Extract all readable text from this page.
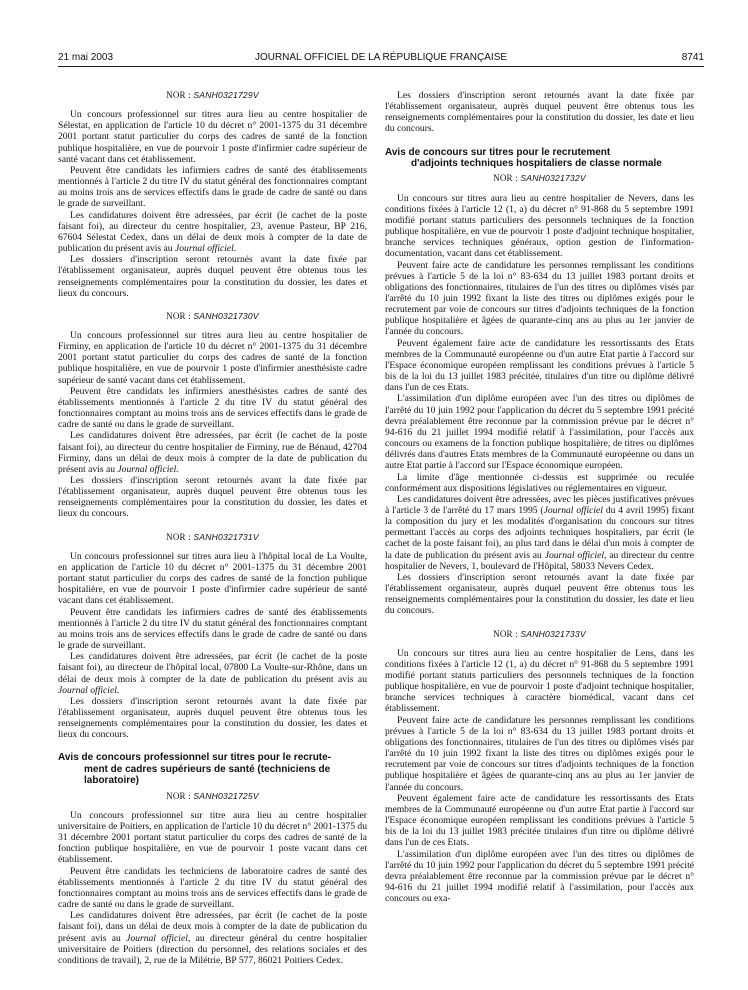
21 mai 2003	JOURNAL OFFICIEL DE LA RÉPUBLIQUE FRANÇAISE	8741
NOR : SANH0321729V

Un concours professionnel sur titres aura lieu au centre hospitalier de Sélestat, en application de l'article 10 du décret n° 2001-1375 du 31 décembre 2001 portant statut particulier du corps des cadres de santé de la fonction publique hospitalière, en vue de pourvoir 1 poste d'infirmier cadre supérieur de santé vacant dans cet établissement.

Peuvent être candidats les infirmiers cadres de santé des établissements mentionnés à l'article 2 du titre IV du statut général des fonctionnaires comptant au moins trois ans de services effectifs dans le grade de cadre de santé ou dans le grade de surveillant.

Les candidatures doivent être adressées, par écrit (le cachet de la poste faisant foi), au directeur du centre hospitalier, 23, avenue Pasteur, BP 216, 67604 Sélestat Cedex, dans un délai de deux mois à compter de la date de publication du présent avis au Journal officiel.

Les dossiers d'inscription seront retournés avant la date fixée par l'établissement organisateur, auprès duquel peuvent être obtenus tous les renseignements complémentaires pour la constitution du dossier, les dates et lieux du concours.

NOR : SANH0321730V

Un concours professionnel sur titres aura lieu au centre hospitalier de Firminy, en application de l'article 10 du décret n° 2001-1375 du 31 décembre 2001 portant statut particulier du corps des cadres de santé de la fonction publique hospitalière, en vue de pourvoir 1 poste d'infirmier anesthésiste cadre supérieur de santé vacant dans cet établissement.

Peuvent être candidats les infirmiers anesthésistes cadres de santé des établissements mentionnés à l'article 2 du titre IV du statut général des fonctionnaires comptant au moins trois ans de services effectifs dans le grade de cadre de santé ou dans le grade de surveillant.

Les candidatures doivent être adressées, par écrit (le cachet de la poste faisant foi), au directeur du centre hospitalier de Firminy, rue de Bénaud, 42704 Firminy, dans un délai de deux mois à compter de la date de publication du présent avis au Journal officiel.

Les dossiers d'inscription seront retournés avant la date fixée par l'établissement organisateur, auprès duquel peuvent être obtenus tous les renseignements complémentaires pour la constitution du dossier, les dates et lieux du concours.

NOR : SANH0321731V

Un concours professionnel sur titres aura lieu à l'hôpital local de La Voulte, en application de l'article 10 du décret n° 2001-1375 du 31 décembre 2001 portant statut particulier du corps des cadres de santé de la fonction publique hospitalière, en vue de pourvoir 1 poste d'infirmier cadre supérieur de santé vacant dans cet établissement.

Peuvent être candidats les infirmiers cadres de santé des établissements mentionnés à l'article 2 du titre IV du statut général des fonctionnaires comptant au moins trois ans de services effectifs dans le grade de cadre de santé ou dans le grade de surveillant.

Les candidatures doivent être adressées, par écrit (le cachet de la poste faisant foi), au directeur de l'hôpital local, 07800 La Voulte-sur-Rhône, dans un délai de deux mois à compter de la date de publication du présent avis au Journal officiel.

Les dossiers d'inscription seront retournés avant la date fixée par l'établissement organisateur, auprès duquel peuvent être obtenus tous les renseignements complémentaires pour la constitution du dossier, les dates et lieux du concours.

Avis de concours professionnel sur titres pour le recrute-
ment de cadres supérieurs de santé (techniciens de laboratoire)
NOR : SANH0321725V

Un concours professionnel sur titre aura lieu au centre hospitalier universitaire de Poitiers, en application de l'article 10 du décret n° 2001-1375 du 31 décembre 2001 portant statut particulier du corps des cadres de santé de la fonction publique hospitalière, en vue de pourvoir 1 poste vacant dans cet établissement.

Peuvent être candidats les techniciens de laboratoire cadres de santé des établissements mentionnés à l'article 2 du titre IV du statut général des fonctionnaires comptant au moins trois ans de services effectifs dans le grade de cadre de santé ou dans le grade de surveillant.

Les candidatures doivent être adressées, par écrit (le cachet de la poste faisant foi), dans un délai de deux mois à compter de la date de publication du présent avis au Journal officiel, au directeur général du centre hospitalier universitaire de Poitiers (direction du personnel, des relations sociales et des conditions de travail), 2, rue de la Milétrie, BP 577, 86021 Poitiers Cedex.

Les dossiers d'inscription seront retournés avant la date fixée par l'établissement organisateur, auprès duquel peuvent être obtenus tous les renseignements complémentaires pour la constitution du dossier, les date et lieu du concours.

Avis de concours sur titres pour le recrutement
d'adjoints techniques hospitaliers de classe normale
NOR : SANH0321732V

Un concours sur titres aura lieu au centre hospitalier de Nevers, dans les conditions fixées à l'article 12 (1, a) du décret n° 91-868 du 5 septembre 1991 modifié portant statuts particuliers des personnels techniques de la fonction publique hospitalière, en vue de pourvoir 1 poste d'adjoint technique hospitalier, branche services techniques généraux, option gestion de l'information-documentation, vacant dans cet établissement.

Peuvent faire acte de candidature les personnes remplissant les conditions prévues à l'article 5 de la loi n° 83-634 du 13 juillet 1983 portant droits et obligations des fonctionnaires, titulaires de l'un des titres ou diplômes visés par l'arrêté du 10 juin 1992 fixant la liste des titres ou diplômes exigés pour le recrutement par voie de concours sur titres d'adjoints techniques de la fonction publique hospitalière et âgées de quarante-cinq ans au plus au 1er janvier de l'année du concours.

Peuvent également faire acte de candidature les ressortissants des Etats membres de la Communauté européenne ou d'un autre Etat partie à l'accord sur l'Espace économique européen remplissant les conditions prévues à l'article 5 bis de la loi du 13 juillet 1983 précitée, titulaires d'un titre ou diplôme délivré dans l'un de ces Etats.

L'assimilation d'un diplôme européen avec l'un des titres ou diplômes de l'arrêté du 10 juin 1992 pour l'application du décret du 5 septembre 1991 précité devra préalablement être reconnue par la commission prévue par le décret n° 94-616 du 21 juillet 1994 modifié relatif à l'assimilation, pour l'accès aux concours ou examens de la fonction publique hospitalière, de titres ou diplômes délivrés dans d'autres Etats membres de la Communauté européenne ou dans un autre Etat partie à l'accord sur l'Espace économique européen.

La limite d'âge mentionnée ci-dessus est supprimée ou reculée conformément aux dispositions législatives ou réglementaires en vigueur.

Les candidatures doivent être adressées, avec les pièces justificatives prévues à l'article 3 de l'arrêté du 17 mars 1995 (Journal officiel du 4 avril 1995) fixant la composition du jury et les modalités d'organisation du concours sur titres permettant l'accès au corps des adjoints techniques hospitaliers, par écrit (le cachet de la poste faisant foi), au plus tard dans le délai d'un mois à compter de la date de publication du présent avis au Journal officiel, au directeur du centre hospitalier de Nevers, 1, boulevard de l'Hôpital, 58033 Nevers Cedex.

Les dossiers d'inscription seront retournés avant la date fixée par l'établissement organisateur, auprès duquel peuvent être obtenus tous les renseignements complémentaires pour la constitution du dossier, les date et lieu du concours.

NOR : SANH0321733V

Un concours sur titres aura lieu au centre hospitalier de Lens, dans les conditions fixées à l'article 12 (1, a) du décret n° 91-868 du 5 septembre 1991 modifié portant statuts particuliers des personnels techniques de la fonction publique hospitalière, en vue de pourvoir 1 poste d'adjoint technique hospitalier, branche services techniques à caractère biomédical, vacant dans cet établissement.

Peuvent faire acte de candidature les personnes remplissant les conditions prévues à l'article 5 de la loi n° 83-634 du 13 juillet 1983 portant droits et obligations des fonctionnaires, titulaires de l'un des titres ou diplômes visés par l'arrêté du 10 juin 1992 fixant la liste des titres ou diplômes exigés pour le recrutement par voie de concours sur titres d'adjoints techniques de la fonction publique hospitalière et âgées de quarante-cinq ans au plus au 1er janvier de l'année du concours.

Peuvent également faire acte de candidature les ressortissants des Etats membres de la Communauté européenne ou d'un autre Etat partie à l'accord sur l'Espace économique européen remplissant les conditions prévues à l'article 5 bis de la loi du 13 juillet 1983 précitée titulaires d'un titre ou diplôme délivré dans l'un de ces Etats.

L'assimilation d'un diplôme européen avec l'un des titres ou diplômes de l'arrêté du 10 juin 1992 pour l'application du décret du 5 septembre 1991 précité devra préalablement être reconnue par la commission prévue par le décret n° 94-616 du 21 juillet 1994 modifié relatif à l'assimilation, pour l'accès aux concours ou exa-
